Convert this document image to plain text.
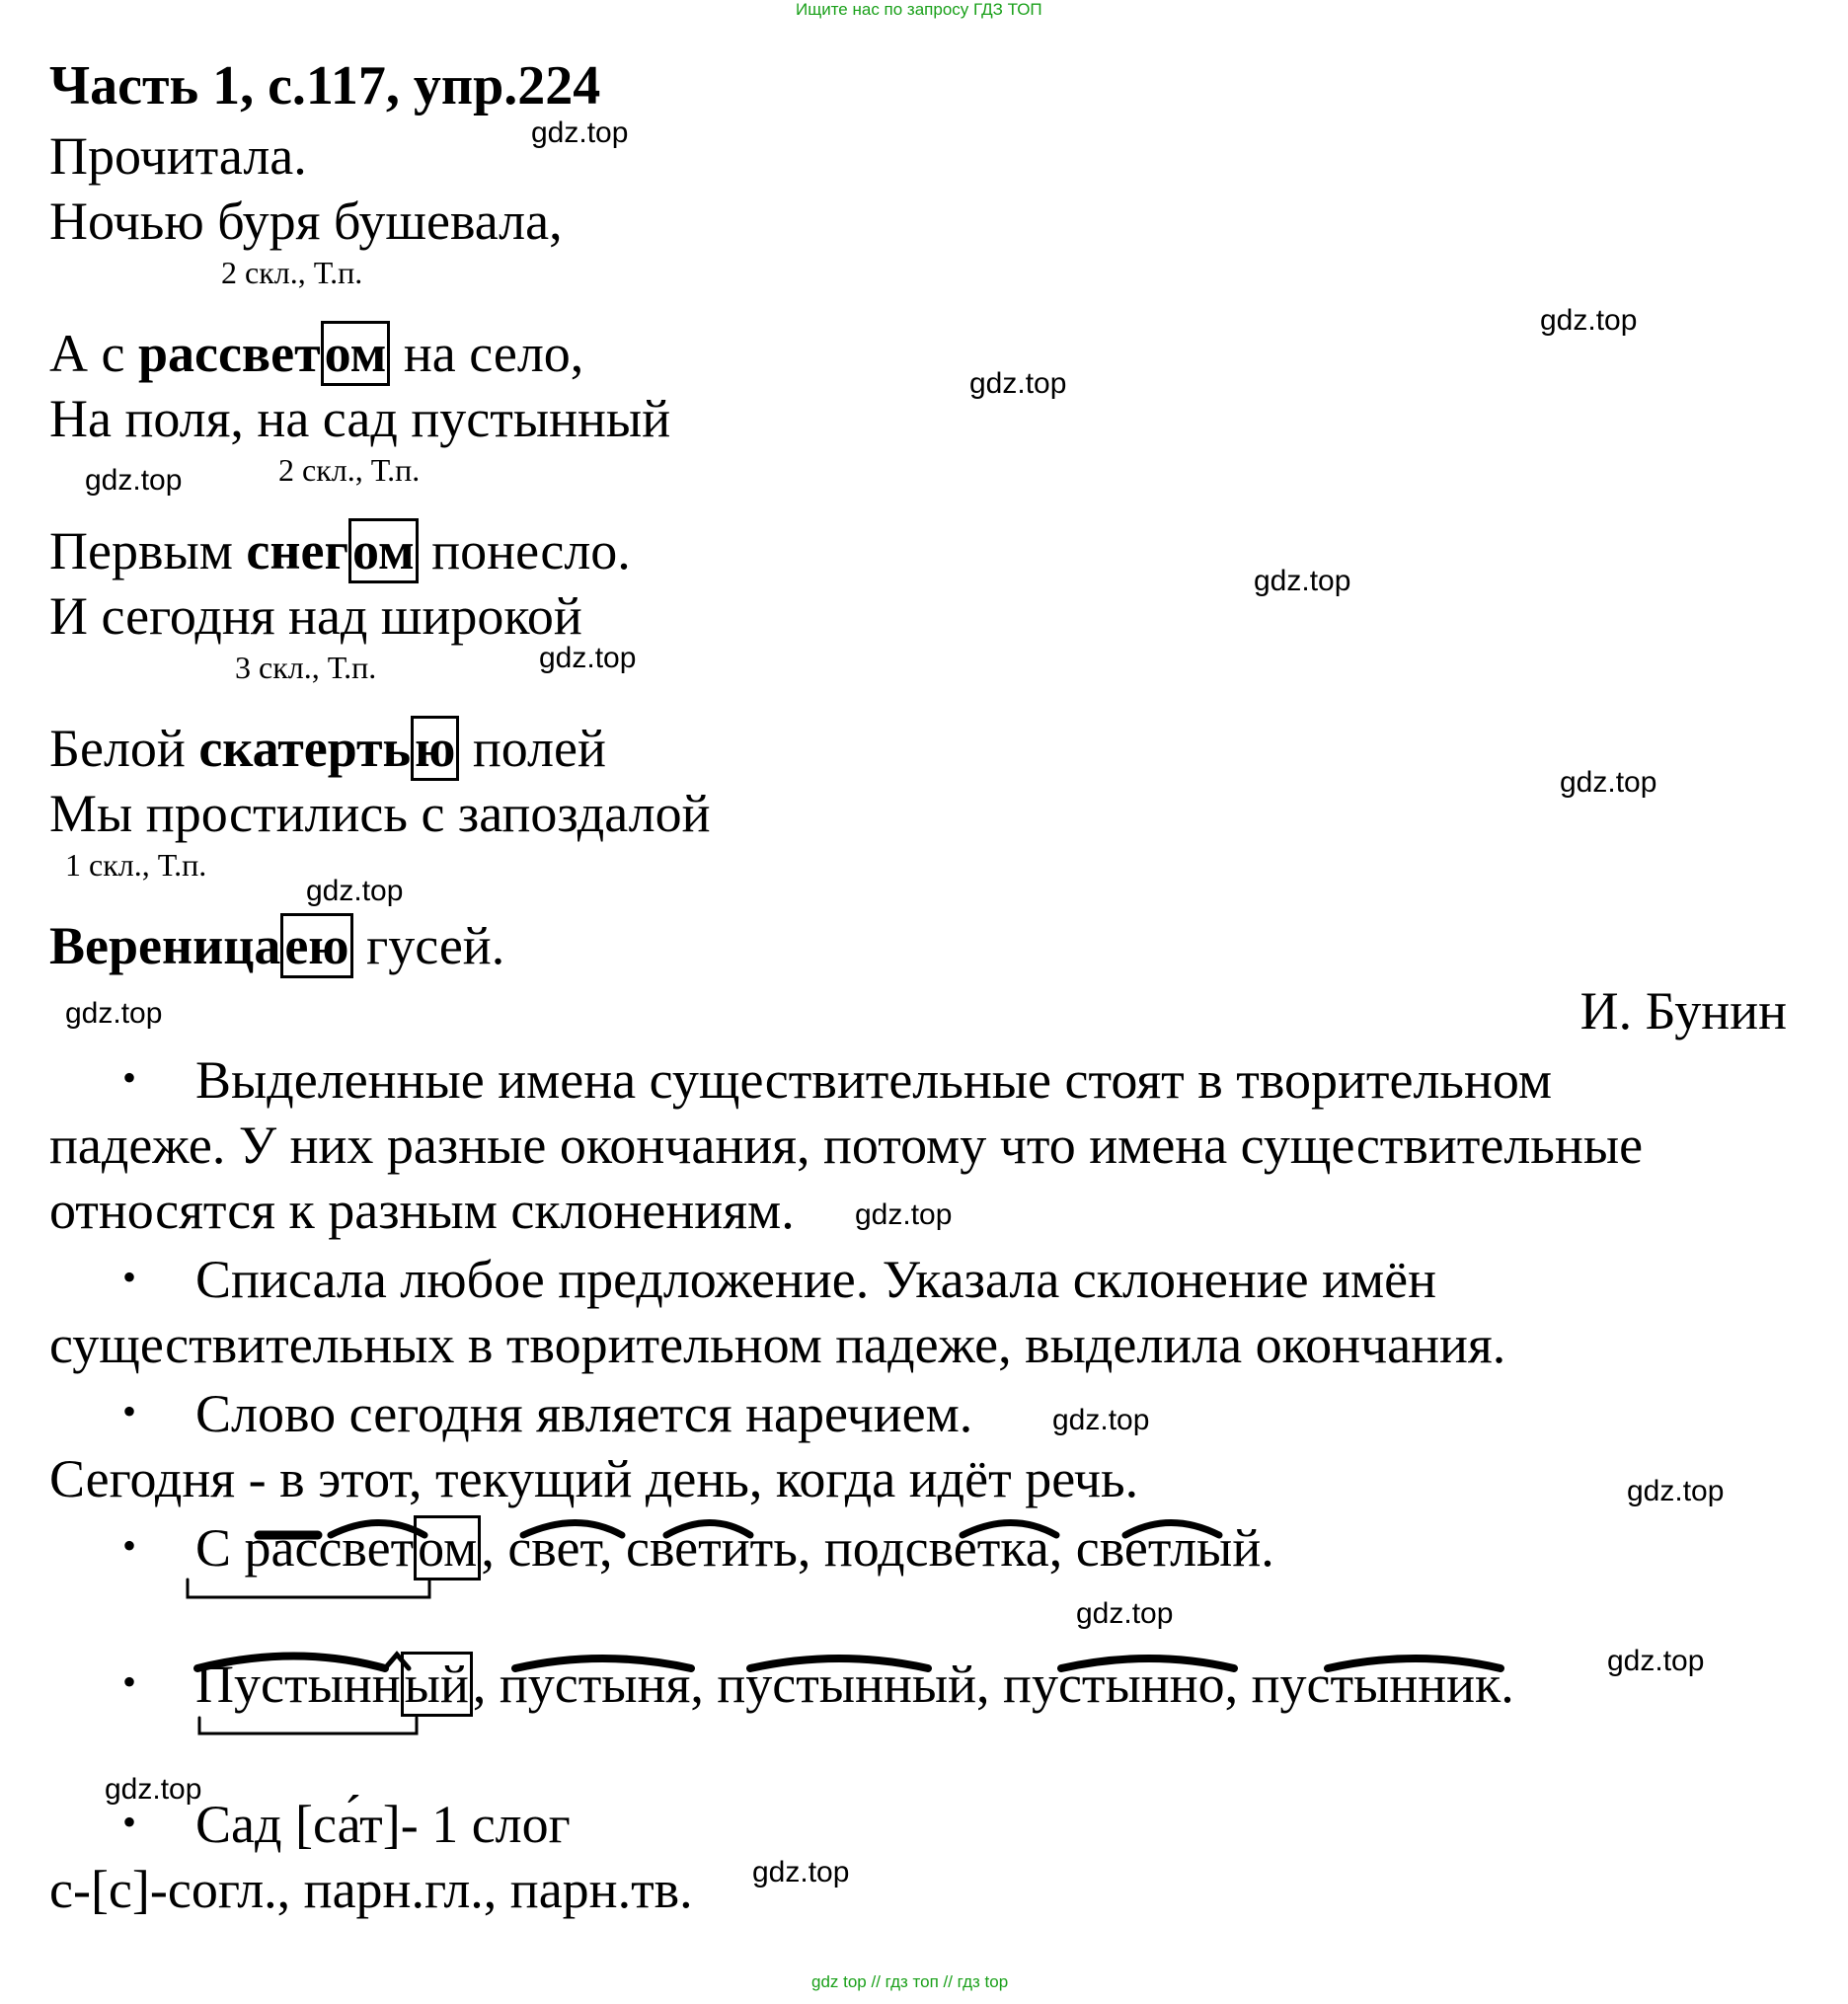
Ищите нас по запросу ГДЗ ТОП
Часть 1, с.117, упр.224
Прочитала.
Ночью буря бушевала,
2 скл., Т.п.
А с рассветом на село,
На поля, на сад пустынный
2 скл., Т.п.
Первым снегом понесло.
И сегодня над широкой
3 скл., Т.п.
Белой скатертью полей
Мы простились с запоздалой
1 скл., Т.п.
Вереницаею гусей.
И. Бунин
• Выделенные имена существительные стоят в творительном
падеже. У них разные окончания, потому что имена существительные
относятся к разным склонениям.
• Списала любое предложение. Указала склонение имён
существительных в творительном падеже, выделила окончания.
• Слово сегодня является наречием.
Сегодня - в этот, текущий день, когда идёт речь.
• С рассветом, свет, светить, подсветка, светлый.
• Пустынный, пустыня, пустынный, пустынно, пустынник.
• Сад [са́т]- 1 слог
с-[с]-согл., парн.гл., парн.тв.
gdz.top
gdz.top
gdz.top
gdz.top
gdz.top
gdz.top
gdz.top
gdz.top
gdz.top
gdz.top
gdz.top
gdz.top
gdz.top
gdz.top
gdz.top
gdz.top
gdz top // гдз топ // гдз top
